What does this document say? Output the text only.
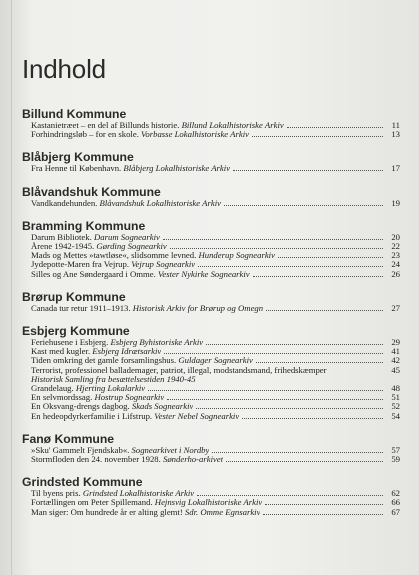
Indhold
Billund Kommune
Kastanietræet – en del af Billunds historie. Billund Lokalhistoriske Arkiv	11
Forhindringsløb – for en skole. Vorbasse Lokalhistoriske Arkiv	13
Blåbjerg Kommune
Fra Henne til København. Blåbjerg Lokalhistoriske Arkiv	17
Blåvandshuk Kommune
Vandkandehunden. Blåvandshuk Lokalhistoriske Arkiv	19
Bramming Kommune
Darum Bibliotek. Darum Sognearkiv	20
Årene 1942-1945. Gørding Sognearkiv	22
Mads og Mettes »tawtløse«, slidsomme levned. Hunderup Sognearkiv	23
Jydepotte-Maren fra Vejrup. Vejrup Sognearkiv	24
Silles og Ane Søndergaard i Omme. Vester Nykirke Sognearkiv	26
Brørup Kommune
Canada tur retur 1911–1913. Historisk Arkiv for Brørup og Omegn	27
Esbjerg Kommune
Feriehusene i Esbjerg. Esbjerg Byhistoriske Arkiv	29
Kast med kugler. Esbjerg Idrætsarkiv	41
Tiden omkring det gamle forsamlingshus. Guldager Sognearkiv	42
Terrorist, professionel ballademager, patriot, illegal, modstandsmand, frihedskæmper	45
Historisk Samling fra besættelsestiden 1940-45
Grandelaug. Hjerting Lokalarkiv	48
En selvmordssag. Hostrup Sognearkiv	51
En Oksvang-drengs dagbog. Skads Sognearkiv	52
En hedeopdyrkerfamilie i Lifstrup. Vester Nebel Sognearkiv	54
Fanø Kommune
»Sku' Gammelt Fjendskab«. Sognearkivet i Nordby	57
Stormfloden den 24. november 1928. Sønderho-arkivet	59
Grindsted Kommune
Til byens pris. Grindsted Lokalhistoriske Arkiv	62
Fortællingen om Peter Spillemand. Hejnsvig Lokalhistoriske Arkiv	66
Man siger: Om hundrede år er alting glemt! Sdr. Omme Egnsarkiv	67
